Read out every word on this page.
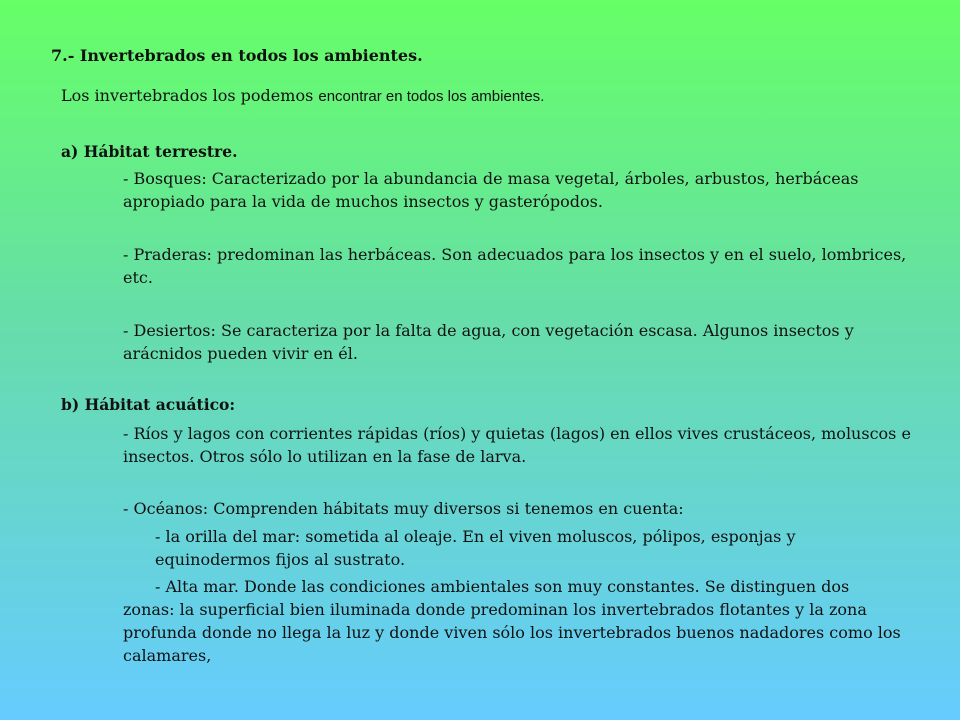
7.- Invertebrados en todos los ambientes.

Los invertebrados los podemos encontrar en todos los ambientes.

a) Hábitat terrestre.

- Bosques: Caracterizado por la abundancia de masa vegetal, árboles, arbustos, herbáceas apropiado para la vida de muchos insectos y gasterópodos.

- Praderas: predominan las herbáceas. Son adecuados para los insectos y en el suelo, lombrices, etc.

- Desiertos: Se caracteriza por la falta de agua, con vegetación escasa. Algunos insectos y arácnidos pueden vivir en él.

b) Hábitat acuático:

- Ríos y lagos con corrientes rápidas (ríos) y quietas (lagos) en ellos vives crustáceos, moluscos e insectos. Otros sólo lo utilizan en la fase de larva.

- Océanos: Comprenden hábitats muy diversos si tenemos en cuenta:

- la orilla del mar: sometida al oleaje. En el viven moluscos, pólipos, esponjas y equinodermos fijos al sustrato.

- Alta mar. Donde las condiciones ambientales son muy constantes. Se distinguen dos zonas: la superficial bien iluminada donde predominan los invertebrados flotantes y la zona profunda donde no llega la luz y donde viven sólo los invertebrados buenos nadadores como los calamares,
